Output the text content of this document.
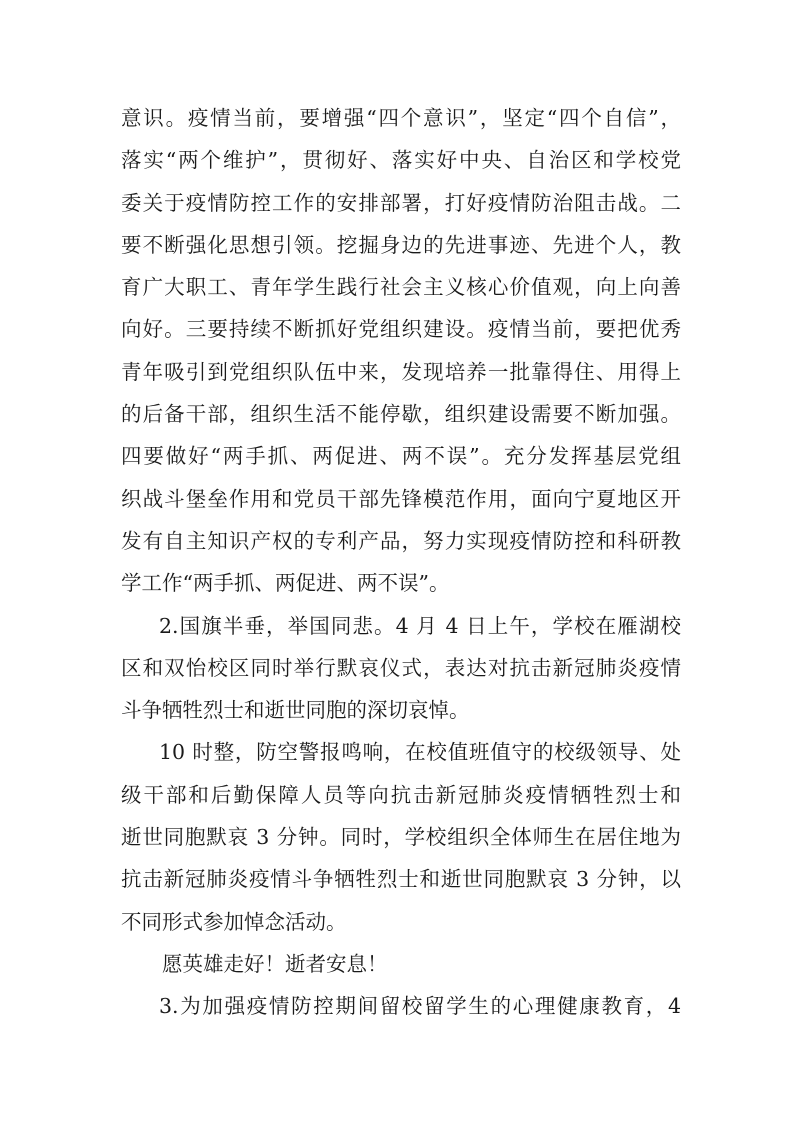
意识。疫情当前，要增强“四个意识”，坚定“四个自信”，
落实“两个维护”，贯彻好、落实好中央、自治区和学校党
委关于疫情防控工作的安排部署，打好疫情防治阻击战。二
要不断强化思想引领。挖掘身边的先进事迹、先进个人，教
育广大职工、青年学生践行社会主义核心价值观，向上向善
向好。三要持续不断抓好党组织建设。疫情当前，要把优秀
青年吸引到党组织队伍中来，发现培养一批靠得住、用得上
的后备干部，组织生活不能停歇，组织建设需要不断加强。
四要做好“两手抓、两促进、两不误”。充分发挥基层党组
织战斗堡垒作用和党员干部先锋模范作用，面向宁夏地区开
发有自主知识产权的专利产品，努力实现疫情防控和科研教
学工作“两手抓、两促进、两不误”。
2.国旗半垂，举国同悲。4 月 4 日上午，学校在雁湖校
区和双怡校区同时举行默哀仪式，表达对抗击新冠肺炎疫情
斗争牺牲烈士和逝世同胞的深切哀悼。
10 时整，防空警报鸣响，在校值班值守的校级领导、处
级干部和后勤保障人员等向抗击新冠肺炎疫情牺牲烈士和
逝世同胞默哀 3 分钟。同时，学校组织全体师生在居住地为
抗击新冠肺炎疫情斗争牺牲烈士和逝世同胞默哀 3 分钟，以
不同形式参加悼念活动。
愿英雄走好！逝者安息！
3.为加强疫情防控期间留校留学生的心理健康教育，4
